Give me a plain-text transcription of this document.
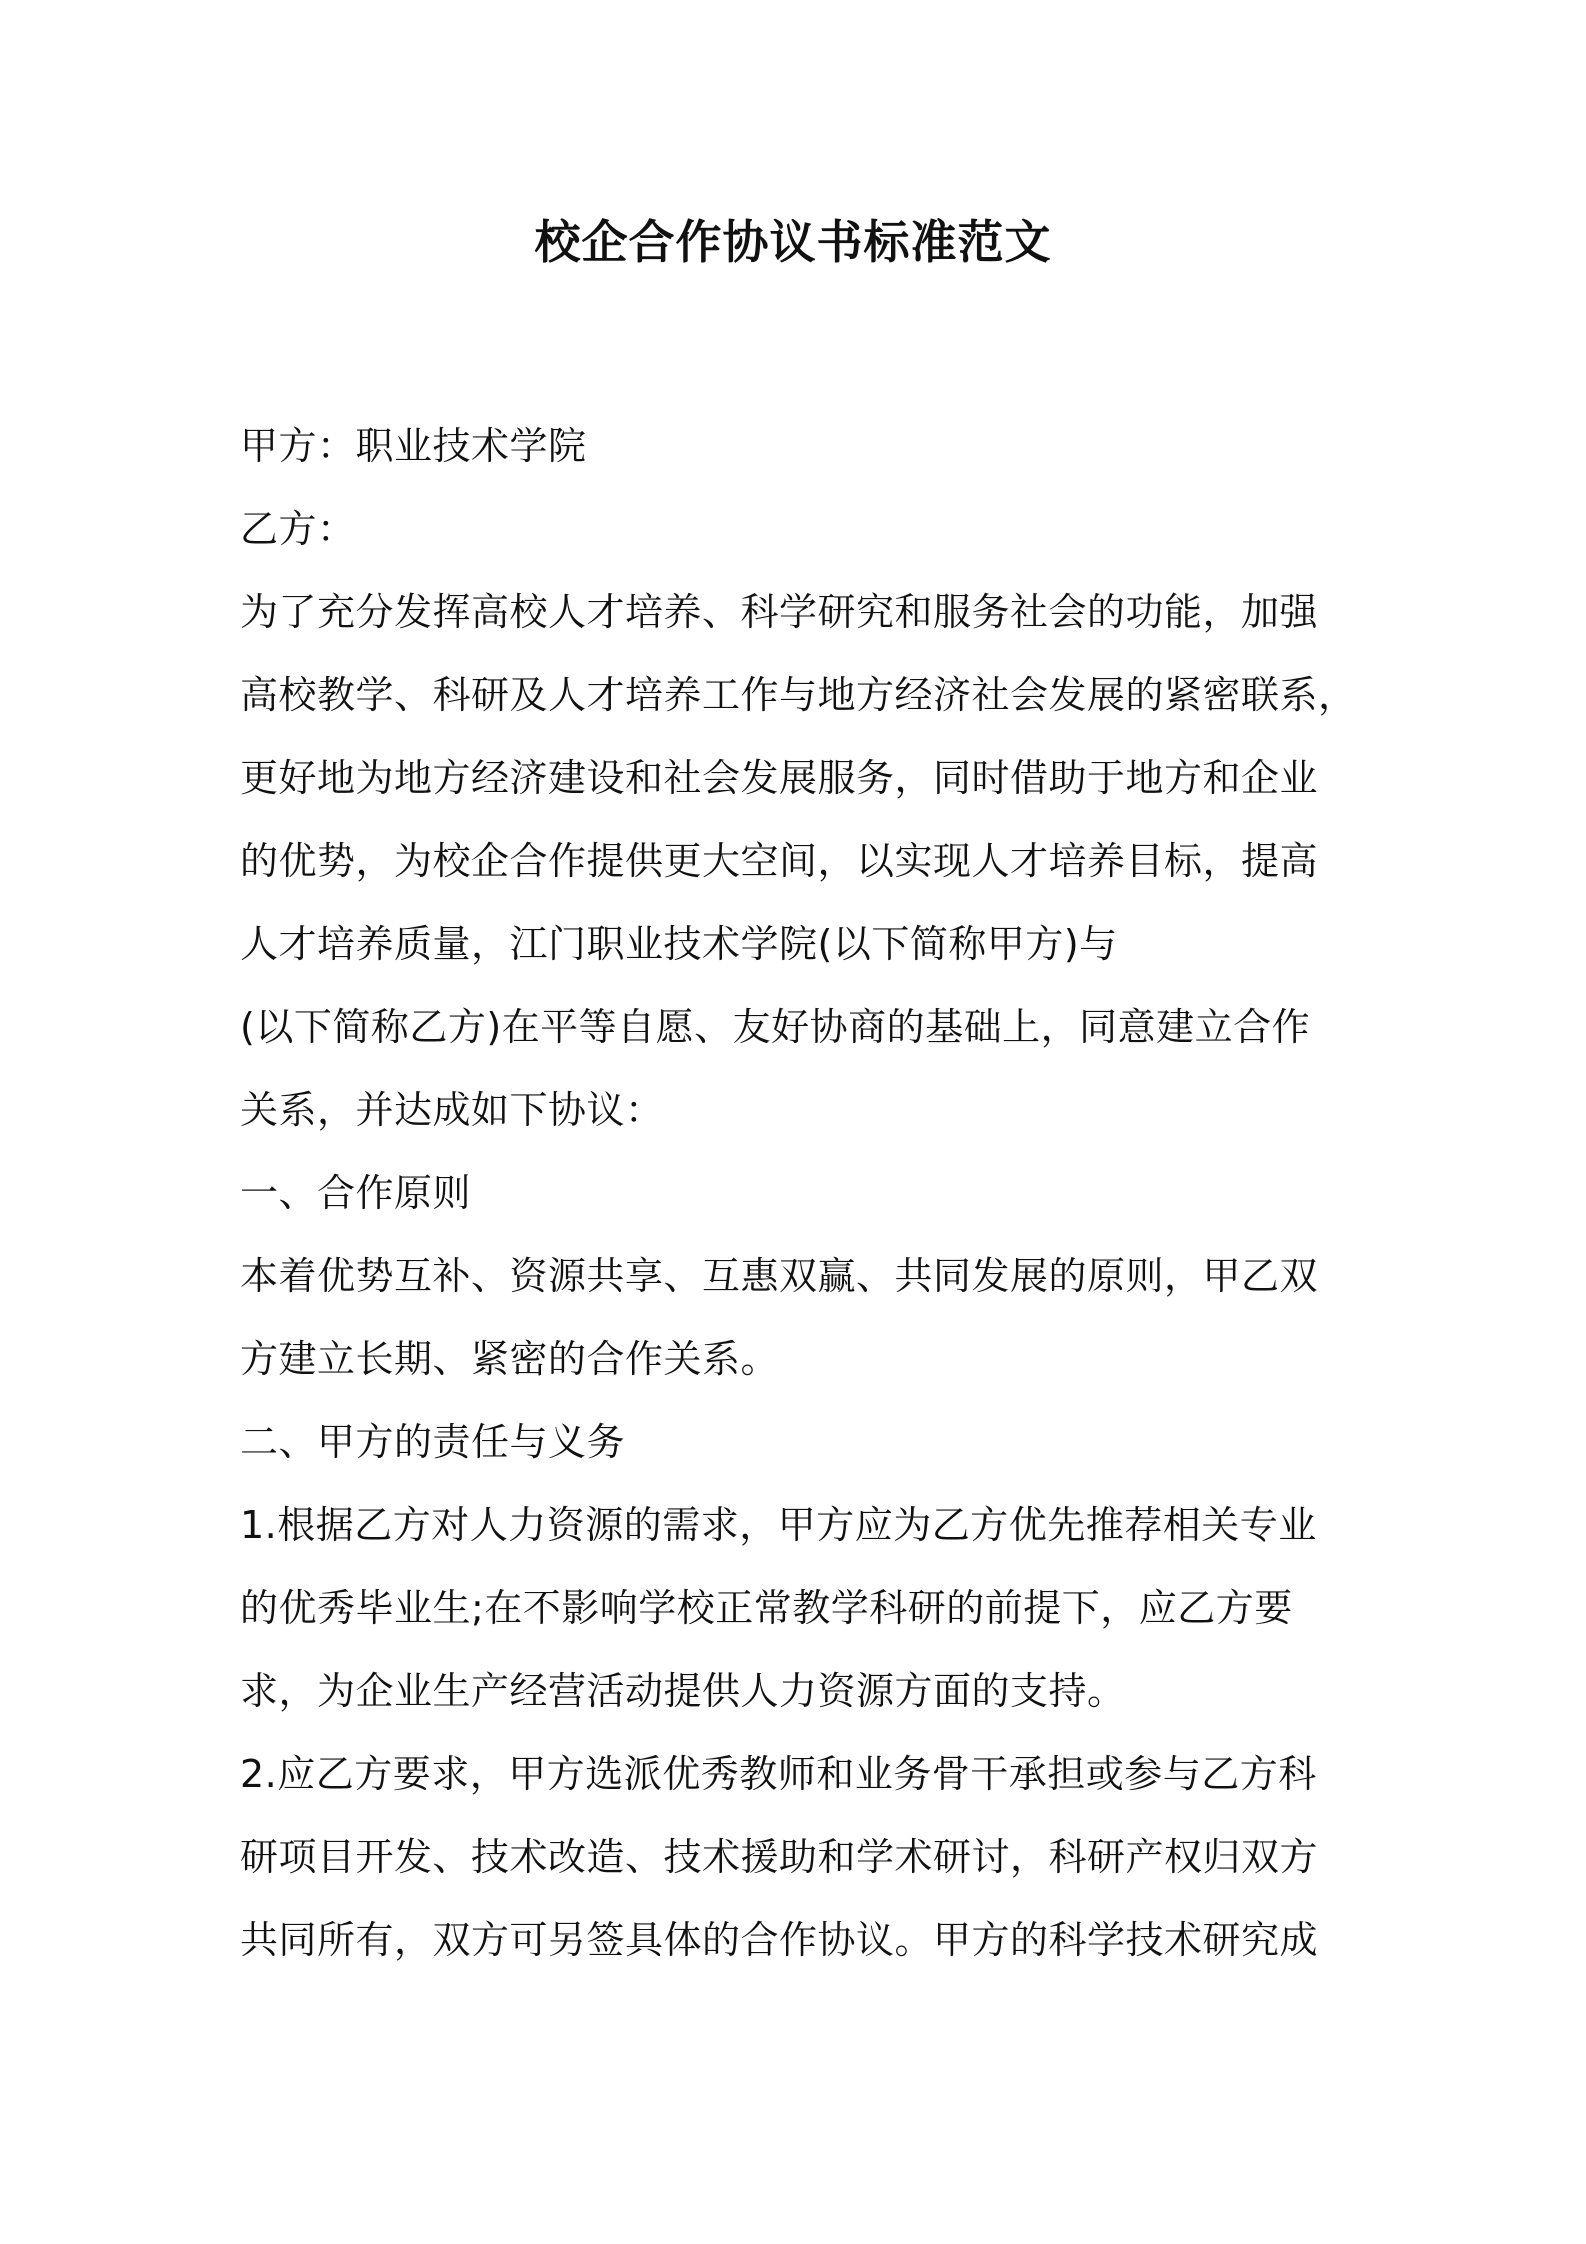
校企合作协议书标准范文
甲方：职业技术学院
乙方：
为了充分发挥高校人才培养、科学研究和服务社会的功能，加强
高校教学、科研及人才培养工作与地方经济社会发展的紧密联系，
更好地为地方经济建设和社会发展服务，同时借助于地方和企业
的优势，为校企合作提供更大空间，以实现人才培养目标，提高
人才培养质量，江门职业技术学院(以下简称甲方)与
(以下简称乙方)在平等自愿、友好协商的基础上，同意建立合作
关系，并达成如下协议：
一、合作原则
本着优势互补、资源共享、互惠双赢、共同发展的原则，甲乙双
方建立长期、紧密的合作关系。
二、甲方的责任与义务
1.根据乙方对人力资源的需求，甲方应为乙方优先推荐相关专业
的优秀毕业生;在不影响学校正常教学科研的前提下，应乙方要
求，为企业生产经营活动提供人力资源方面的支持。
2.应乙方要求，甲方选派优秀教师和业务骨干承担或参与乙方科
研项目开发、技术改造、技术援助和学术研讨，科研产权归双方
共同所有，双方可另签具体的合作协议。甲方的科学技术研究成
